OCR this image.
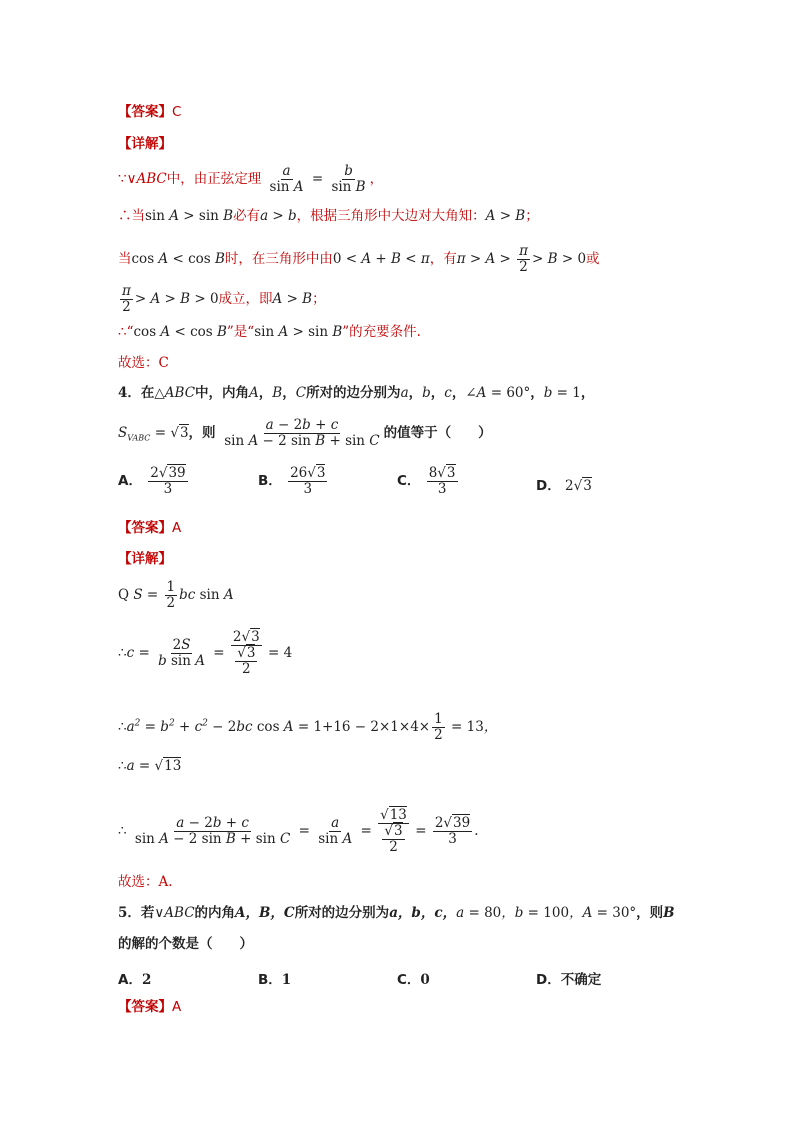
【答案】C
【详解】
∵∨ABC中，由正弦定理 $\frac{a}{\text{sin A}} = \frac{b}{\text{sin B}}$ ，
∴当sin A > sin B必有a > b，根据三角形中大边对大角知：A > B；
当cos A < cos B时，在三角形中由0 < A + B < π，有$\pi > A > \frac{\pi}{2} > B > 0$或
$\frac{\pi}{2} > A > B > 0$成立，即A > B；
∴“cos A < cos B”是“sin A > sin B”的充要条件.
故选：C
4．在△ABC中，内角A，B，C所对的边分别为a，b，c，∠A = 60°，b = 1，
$S_{VABC} = √3$，则 $\frac{a - 2b + c}{\text{sin A − 2 sin B + sin C}}$ 的值等于（　　）
A． $\frac{2√39}{3}$	B． $\frac{26√3}{3}$	C． $\frac{8√3}{3}$	D． 2√3
【答案】A
【详解】
Q $S = \frac{1}{2}$ bc sin A
∴c = $\frac{2S}{\text{b sin A}} = \frac{2√3}{\frac{√3}{2}} = 4$
$\therefore a^2 = b^2 + c^2 - 2bc$ $\cos A = 1+16 - 2\times 1\times 4\times \frac{1}{2} = 13$，
∴a = √13
∴ $\frac{a - 2b + c}{\text{sin A − 2 sin B + sin C}} = \frac{a}{\text{sin A}} = \frac{√13}{\frac{√3}{2}} = \frac{2√39}{3}$ .
故选：A.
5．若∨ABC的内角A，B，C所对的边分别为a，b，c，a = 80，b = 100，A = 30°，则B
的解的个数是（　　）
A．2	B．1	C．0	D．不确定
【答案】A
